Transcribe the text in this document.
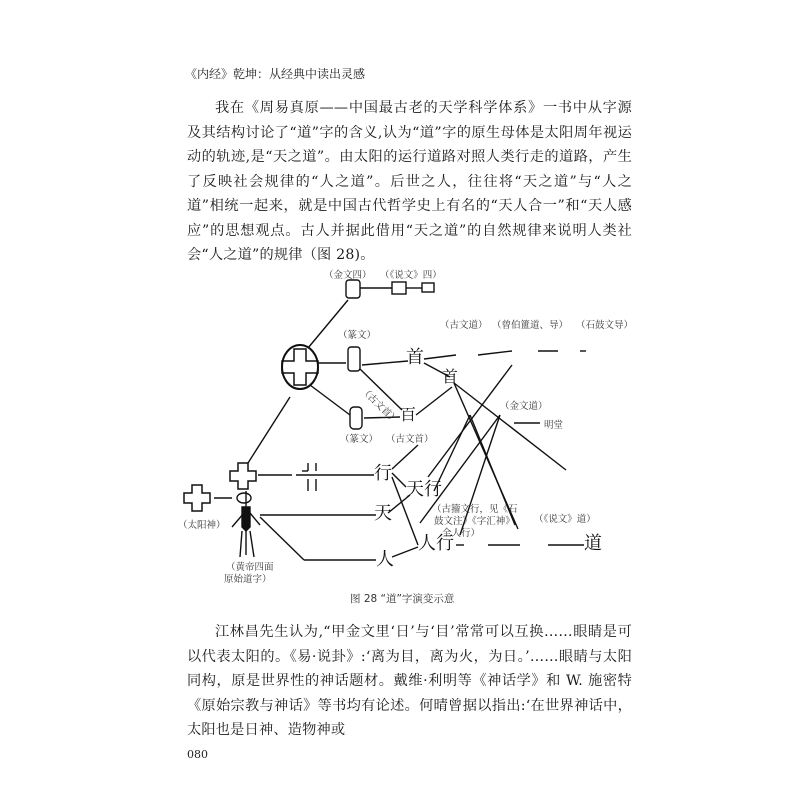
《内经》乾坤：从经典中读出灵感

我在《周易真原——中国最古老的天学科学体系》一书中从字源及其结构讨论了“道”字的含义,认为“道”字的原生母体是太阳周年视运动的轨迹,是“天之道”。由太阳的运行道路对照人类行走的道路，产生了反映社会规律的“人之道”。后世之人，往往将“天之道”与“人之道”相统一起来，就是中国古代哲学史上有名的“天人合一”和“天人感应”的思想观点。古人并据此借用“天之道”的自然规律来说明人类社会“人之道”的规律（图 28)。

（金文四） （《说文》四）
（篆文）
（古文道） （曾伯簠道、导） （石鼓文导）
（古文首）
（篆文） （古文首）
（金文道）
明堂
（太阳神）
（黄帝四面
原始道字）
（古籀文行，见《石
鼓文注》《字汇神》
全人行）
（《说文》道）
首
首
百
行
天
人
天行
人行	道
图 28 “道”字演变示意

江林昌先生认为,“甲金文里‘日’与‘目’常常可以互换……眼睛是可以代表太阳的。《易·说卦》:‘离为目，离为火，为日。’……眼睛与太阳同构，原是世界性的神话题材。戴维·利明等《神话学》和 W. 施密特《原始宗教与神话》等书均有论述。何晴曾据以指出:‘在世界神话中，太阳也是日神、造物神或

080
